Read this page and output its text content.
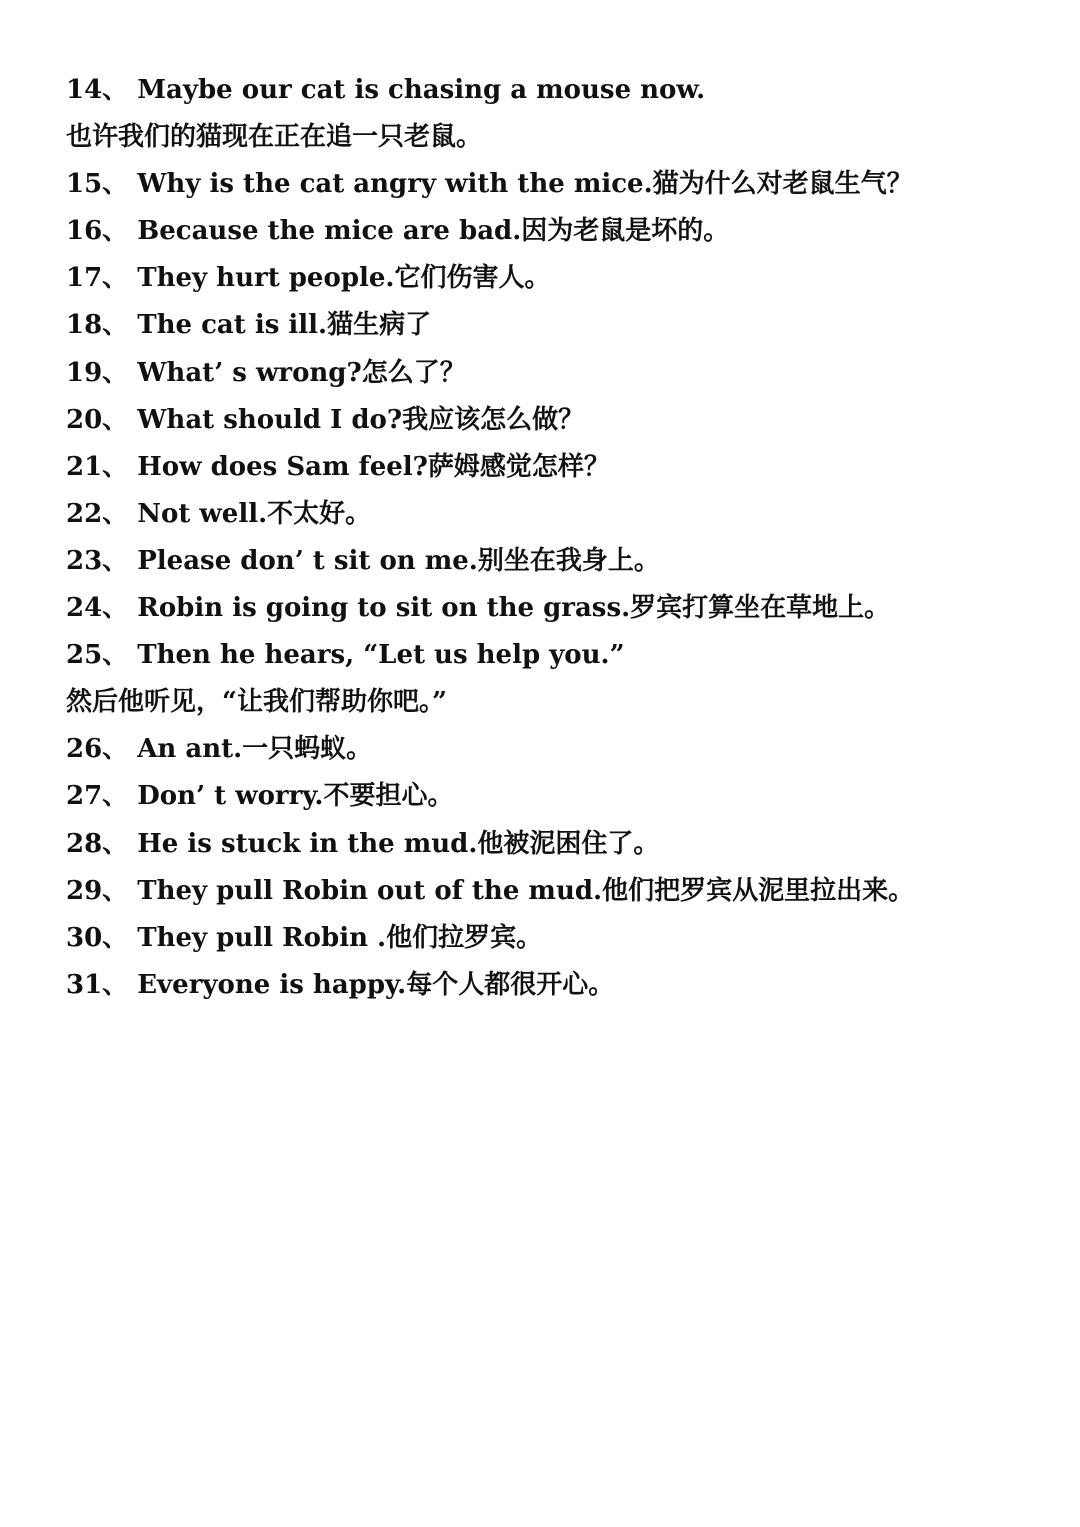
14、 Maybe our cat is chasing a mouse now.
也许我们的猫现在正在追一只老鼠。
15、 Why is the cat angry with the mice.猫为什么对老鼠生气？
16、 Because the mice are bad.因为老鼠是坏的。
17、 They hurt people.它们伤害人。
18、 The cat is ill.猫生病了
19、 What’ s wrong?怎么了？
20、 What should I do?我应该怎么做？
21、 How does Sam feel?萨姆感觉怎样？
22、 Not well.不太好。
23、 Please don’ t sit on me.别坐在我身上。
24、 Robin is going to sit on the grass.罗宾打算坐在草地上。
25、 Then he hears, “Let us help you.”
然后他听见，“让我们帮助你吧。”
26、 An ant.一只蚂蚁。
27、 Don’ t worry.不要担心。
28、 He is stuck in the mud.他被泥困住了。
29、 They pull Robin out of the mud.他们把罗宾从泥里拉出来。
30、 They pull Robin .他们拉罗宾。
31、 Everyone is happy.每个人都很开心。
